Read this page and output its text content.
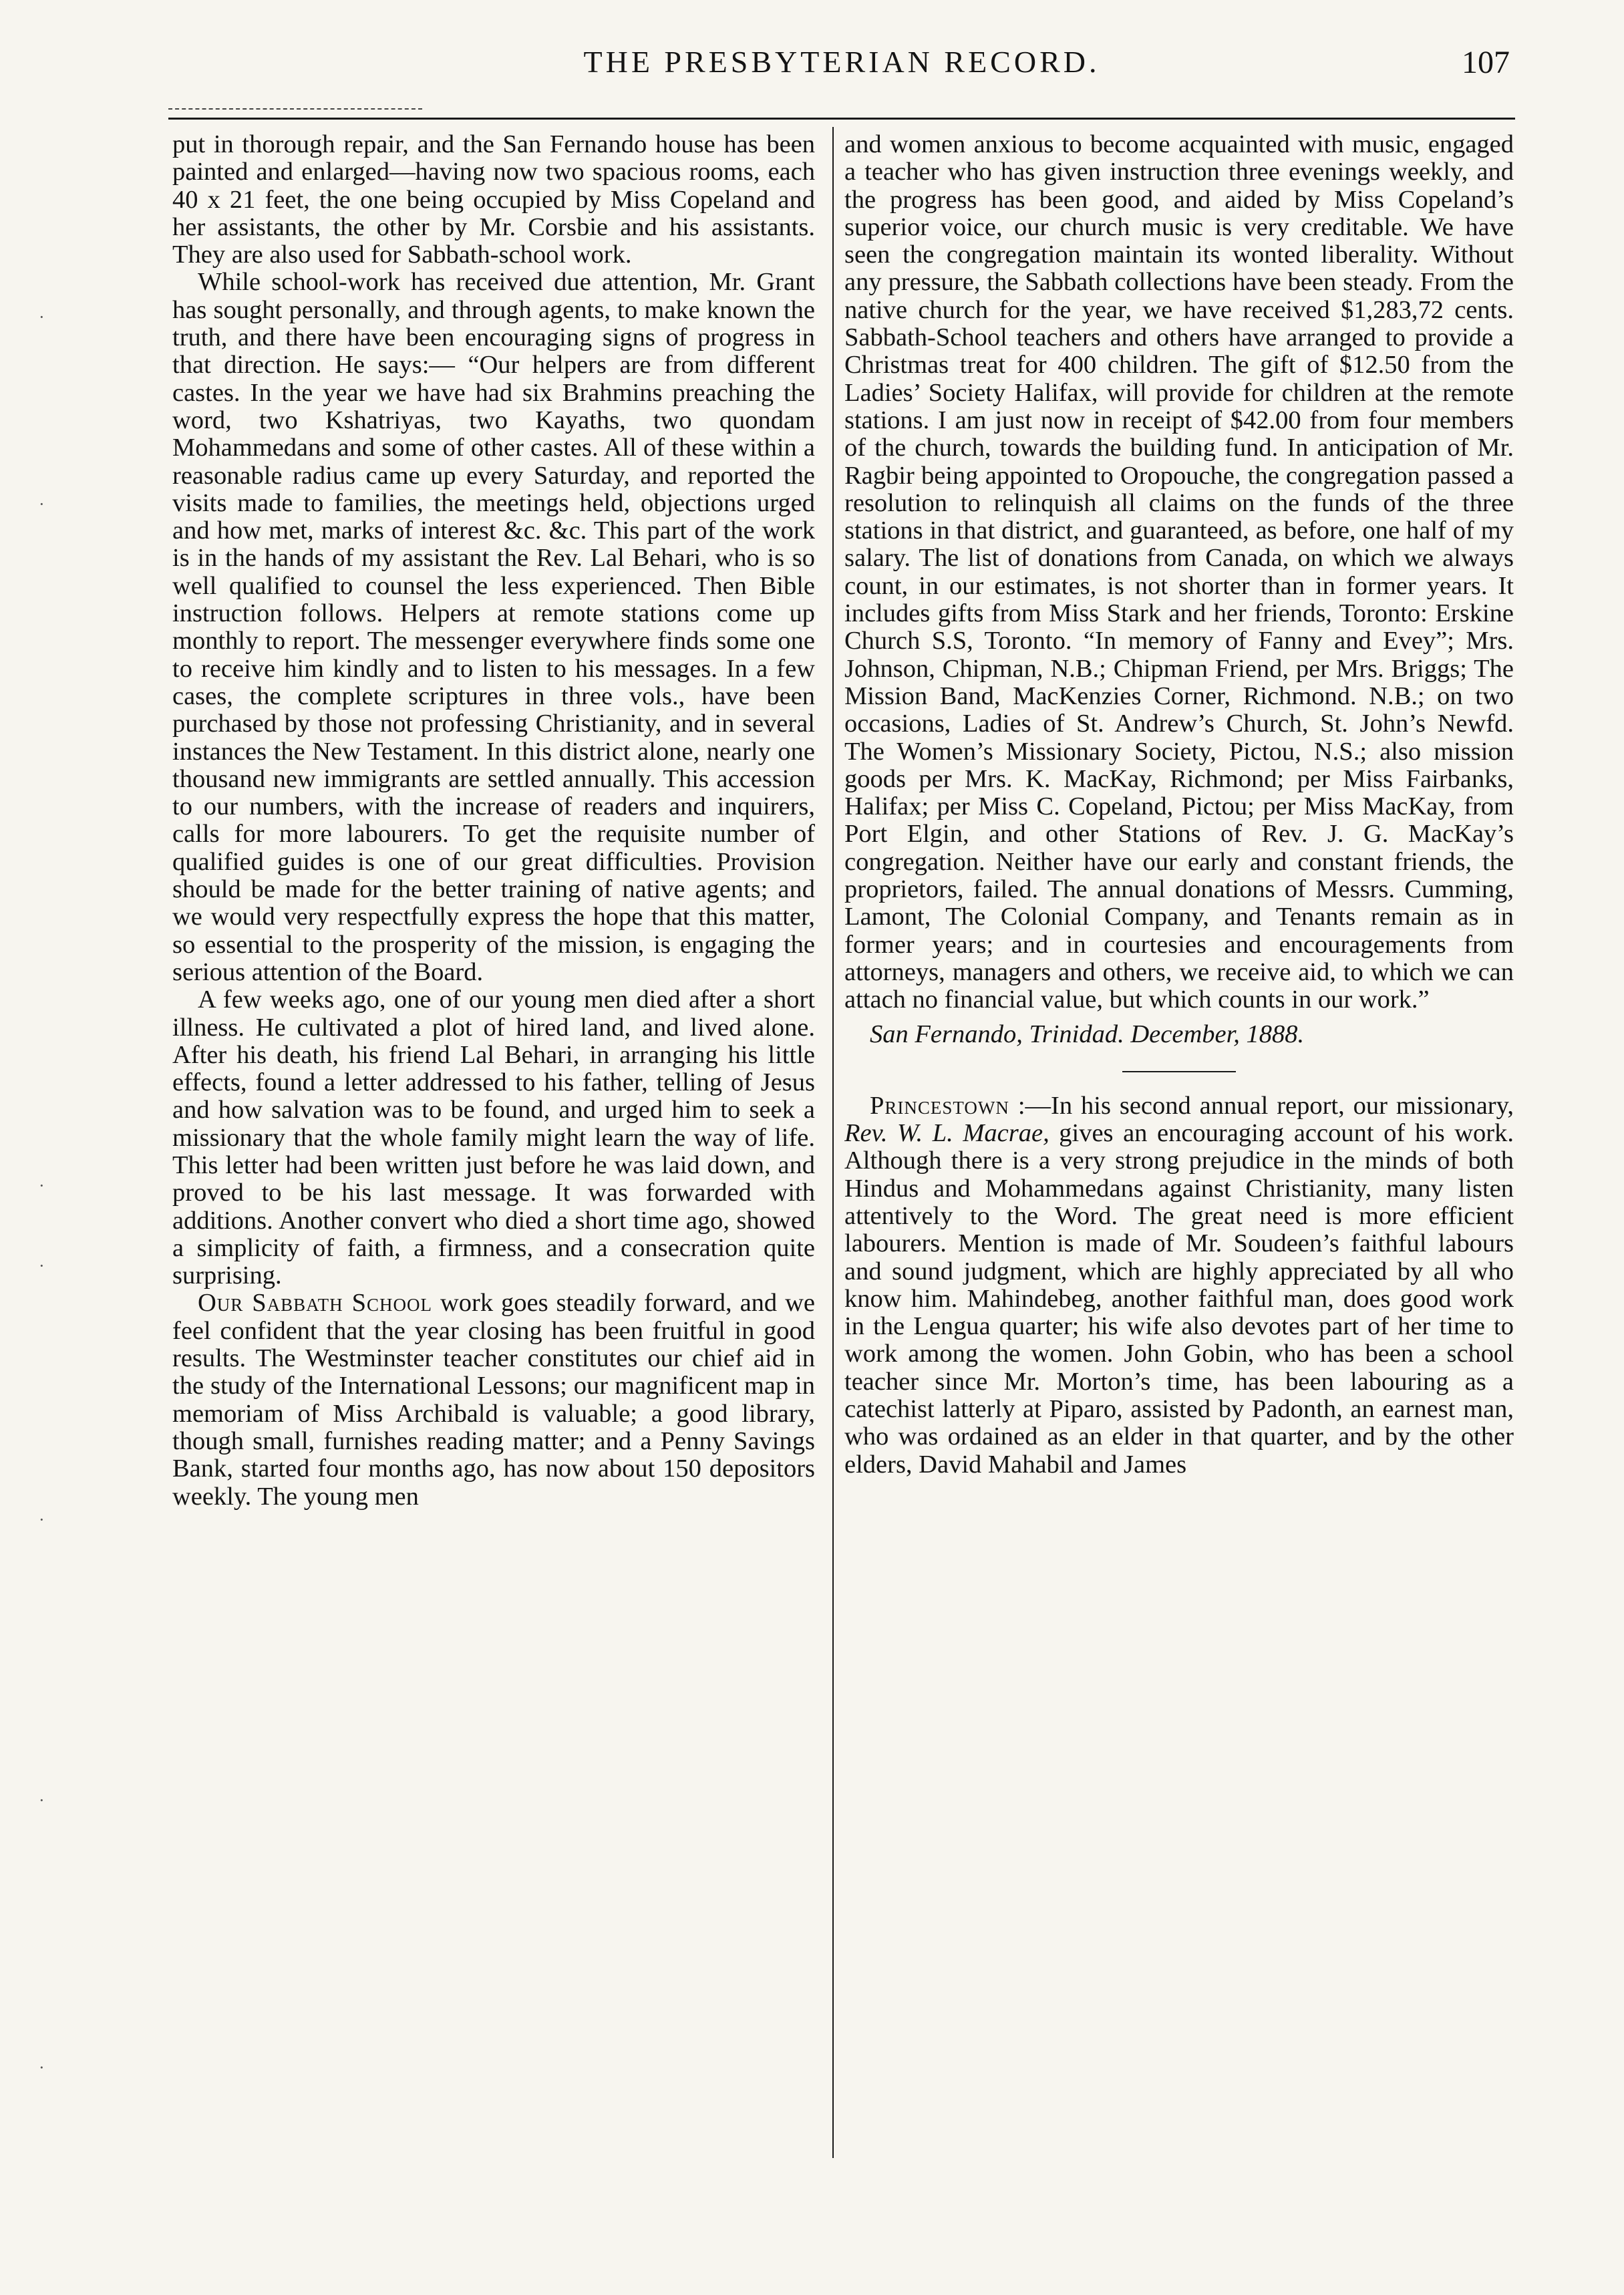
THE PRESBYTERIAN RECORD.	107

put in thorough repair, and the San Fernando house has been painted and enlarged—having now two spacious rooms, each 40 x 21 feet, the one being occupied by Miss Copeland and her assistants, the other by Mr. Corsbie and his assistants. They are also used for Sabbath-school work.

While school-work has received due attention, Mr. Grant has sought personally, and through agents, to make known the truth, and there have been encouraging signs of progress in that direction. He says:— “Our helpers are from different castes. In the year we have had six Brahmins preaching the word, two Kshatriyas, two Kayaths, two quondam Mohammedans and some of other castes. All of these within a reasonable radius came up every Saturday, and reported the visits made to families, the meetings held, objections urged and how met, marks of interest &c. &c. This part of the work is in the hands of my assistant the Rev. Lal Behari, who is so well qualified to counsel the less experienced. Then Bible instruction follows. Helpers at remote stations come up monthly to report. The messenger everywhere finds some one to receive him kindly and to listen to his messages. In a few cases, the complete scriptures in three vols., have been purchased by those not professing Christianity, and in several instances the New Testament. In this district alone, nearly one thousand new immigrants are settled annually. This accession to our numbers, with the increase of readers and inquirers, calls for more labourers. To get the requisite number of qualified guides is one of our great difficulties. Provision should be made for the better training of native agents; and we would very respectfully express the hope that this matter, so essential to the prosperity of the mission, is engaging the serious attention of the Board.

A few weeks ago, one of our young men died after a short illness. He cultivated a plot of hired land, and lived alone. After his death, his friend Lal Behari, in arranging his little effects, found a letter addressed to his father, telling of Jesus and how salvation was to be found, and urged him to seek a missionary that the whole family might learn the way of life. This letter had been written just before he was laid down, and proved to be his last message. It was forwarded with additions. Another convert who died a short time ago, showed a simplicity of faith, a firmness, and a consecration quite surprising.

Our Sabbath School work goes steadily forward, and we feel confident that the year closing has been fruitful in good results. The Westminster teacher constitutes our chief aid in the study of the International Lessons; our magnificent map in memoriam of Miss Archibald is valuable; a good library, though small, furnishes reading matter; and a Penny Savings Bank, started four months ago, has now about 150 depositors weekly. The young men

and women anxious to become acquainted with music, engaged a teacher who has given instruction three evenings weekly, and the progress has been good, and aided by Miss Copeland’s superior voice, our church music is very creditable. We have seen the congregation maintain its wonted liberality. Without any pressure, the Sabbath collections have been steady. From the native church for the year, we have received $1,283,72 cents. Sabbath-School teachers and others have arranged to provide a Christmas treat for 400 children. The gift of $12.50 from the Ladies’ Society Halifax, will provide for children at the remote stations. I am just now in receipt of $42.00 from four members of the church, towards the building fund. In anticipation of Mr. Ragbir being appointed to Oropouche, the congregation passed a resolution to relinquish all claims on the funds of the three stations in that district, and guaranteed, as before, one half of my salary. The list of donations from Canada, on which we always count, in our estimates, is not shorter than in former years. It includes gifts from Miss Stark and her friends, Toronto: Erskine Church S.S, Toronto. “In memory of Fanny and Evey”; Mrs. Johnson, Chipman, N.B.; Chipman Friend, per Mrs. Briggs; The Mission Band, MacKenzies Corner, Richmond. N.B.; on two occasions, Ladies of St. Andrew’s Church, St. John’s Newfd. The Women’s Missionary Society, Pictou, N.S.; also mission goods per Mrs. K. MacKay, Richmond; per Miss Fairbanks, Halifax; per Miss C. Copeland, Pictou; per Miss MacKay, from Port Elgin, and other Stations of Rev. J. G. MacKay’s congregation. Neither have our early and constant friends, the proprietors, failed. The annual donations of Messrs. Cumming, Lamont, The Colonial Company, and Tenants remain as in former years; and in courtesies and encouragements from attorneys, managers and others, we receive aid, to which we can attach no financial value, but which counts in our work.”

San Fernando, Trinidad. December, 1888.

Princestown :—In his second annual report, our missionary, Rev. W. L. Macrae, gives an encouraging account of his work. Although there is a very strong prejudice in the minds of both Hindus and Mohammedans against Christianity, many listen attentively to the Word. The great need is more efficient labourers. Mention is made of Mr. Soudeen’s faithful labours and sound judgment, which are highly appreciated by all who know him. Mahindebeg, another faithful man, does good work in the Lengua quarter; his wife also devotes part of her time to work among the women. John Gobin, who has been a school teacher since Mr. Morton’s time, has been labouring as a catechist latterly at Piparo, assisted by Padonth, an earnest man, who was ordained as an elder in that quarter, and by the other elders, David Mahabil and James

·
·
·
·
·
·
·
